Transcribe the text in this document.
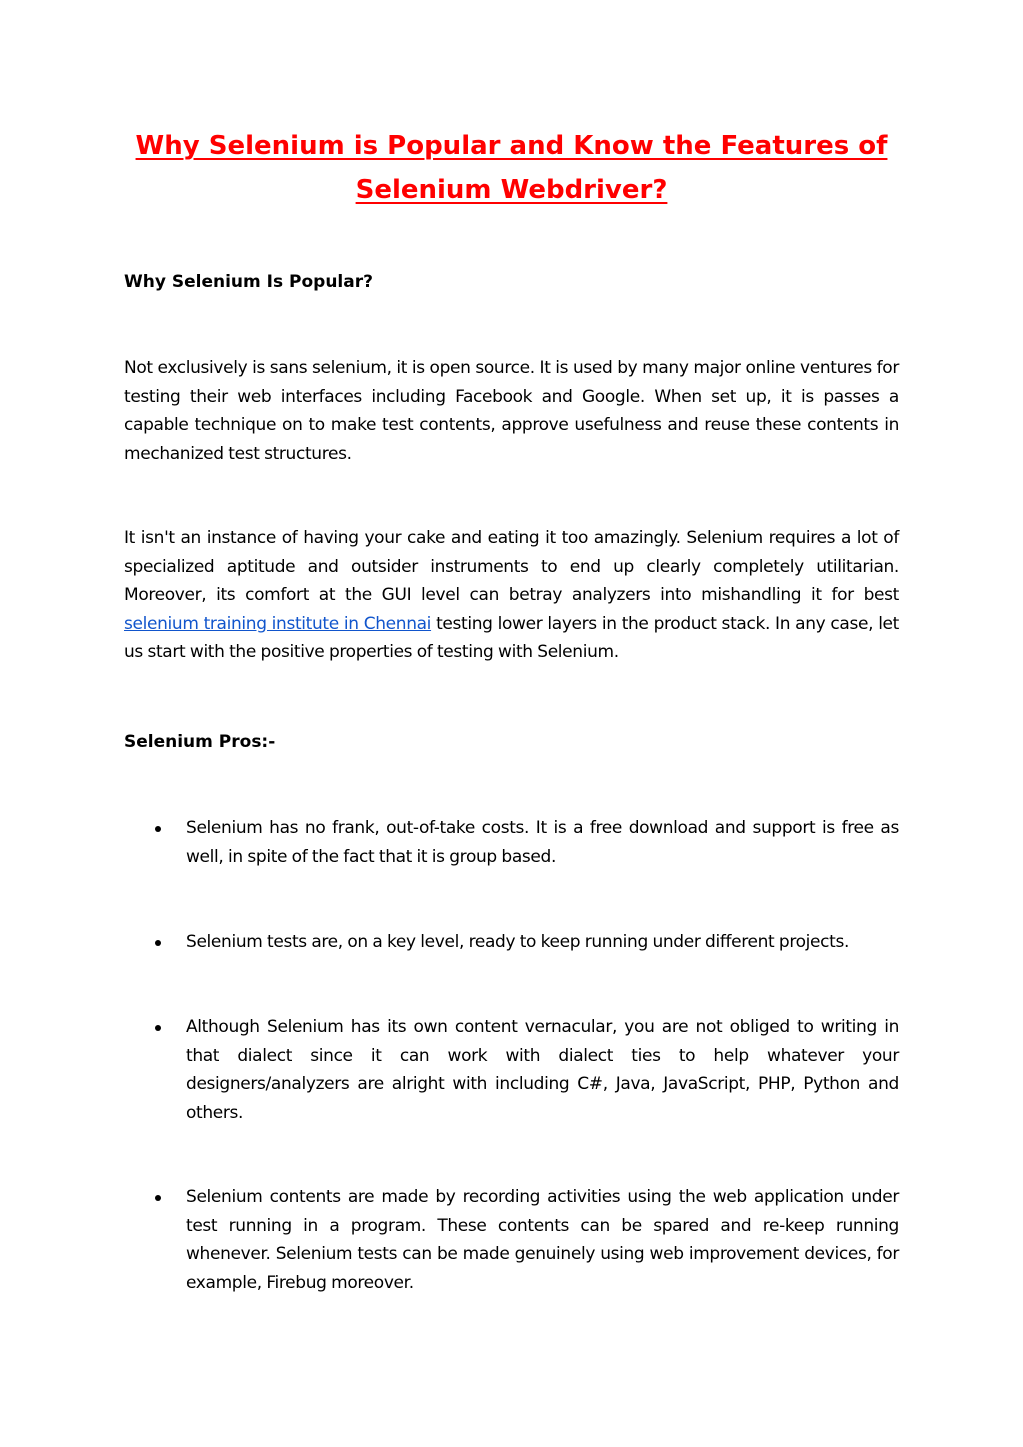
Why Selenium is Popular and Know the Features of
Selenium Webdriver?
Why Selenium Is Popular?

Not exclusively is sans selenium, it is open source. It is used by many major online ventures for testing their web interfaces including Facebook and Google. When set up, it is passes a capable technique on to make test contents, approve usefulness and reuse these contents in mechanized test structures.

It isn't an instance of having your cake and eating it too amazingly. Selenium requires a lot of specialized aptitude and outsider instruments to end up clearly completely utilitarian. Moreover, its comfort at the GUI level can betray analyzers into mishandling it for best selenium training institute in Chennai testing lower layers in the product stack. In any case, let us start with the positive properties of testing with Selenium.

Selenium Pros:-

Selenium has no frank, out-of-take costs. It is a free download and support is free as well, in spite of the fact that it is group based.

Selenium tests are, on a key level, ready to keep running under different projects.

Although Selenium has its own content vernacular, you are not obliged to writing in that dialect since it can work with dialect ties to help whatever your designers/analyzers are alright with including C#, Java, JavaScript, PHP, Python and others.

Selenium contents are made by recording activities using the web application under test running in a program. These contents can be spared and re-keep running whenever. Selenium tests can be made genuinely using web improvement devices, for example, Firebug moreover.
